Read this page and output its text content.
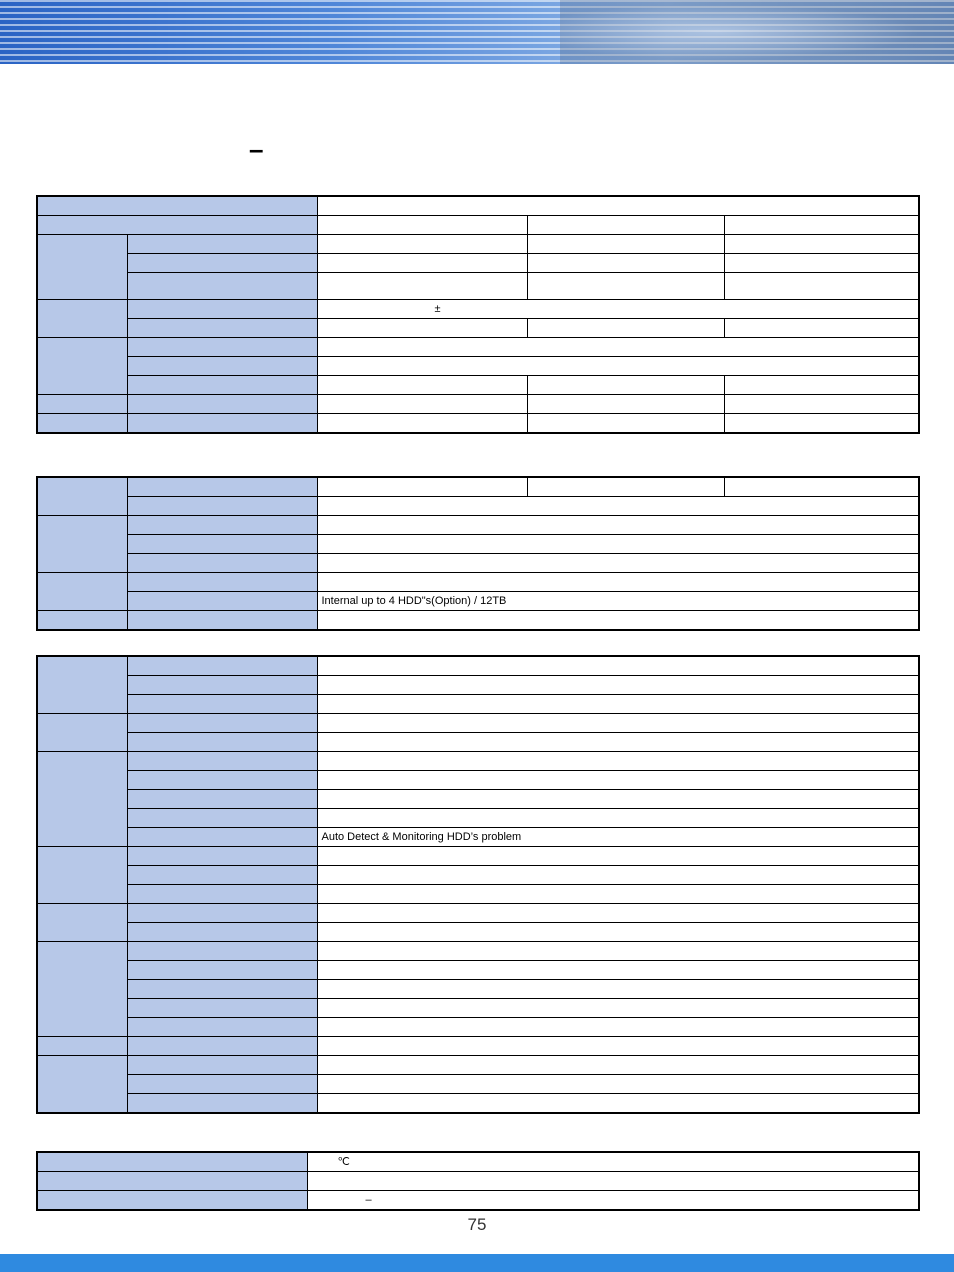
–

		±		

		Internal up to 4 HDD"s(Option) / 12TB		

		Auto Detect & Monitoring HDD’s problem

	℃

	–
75
